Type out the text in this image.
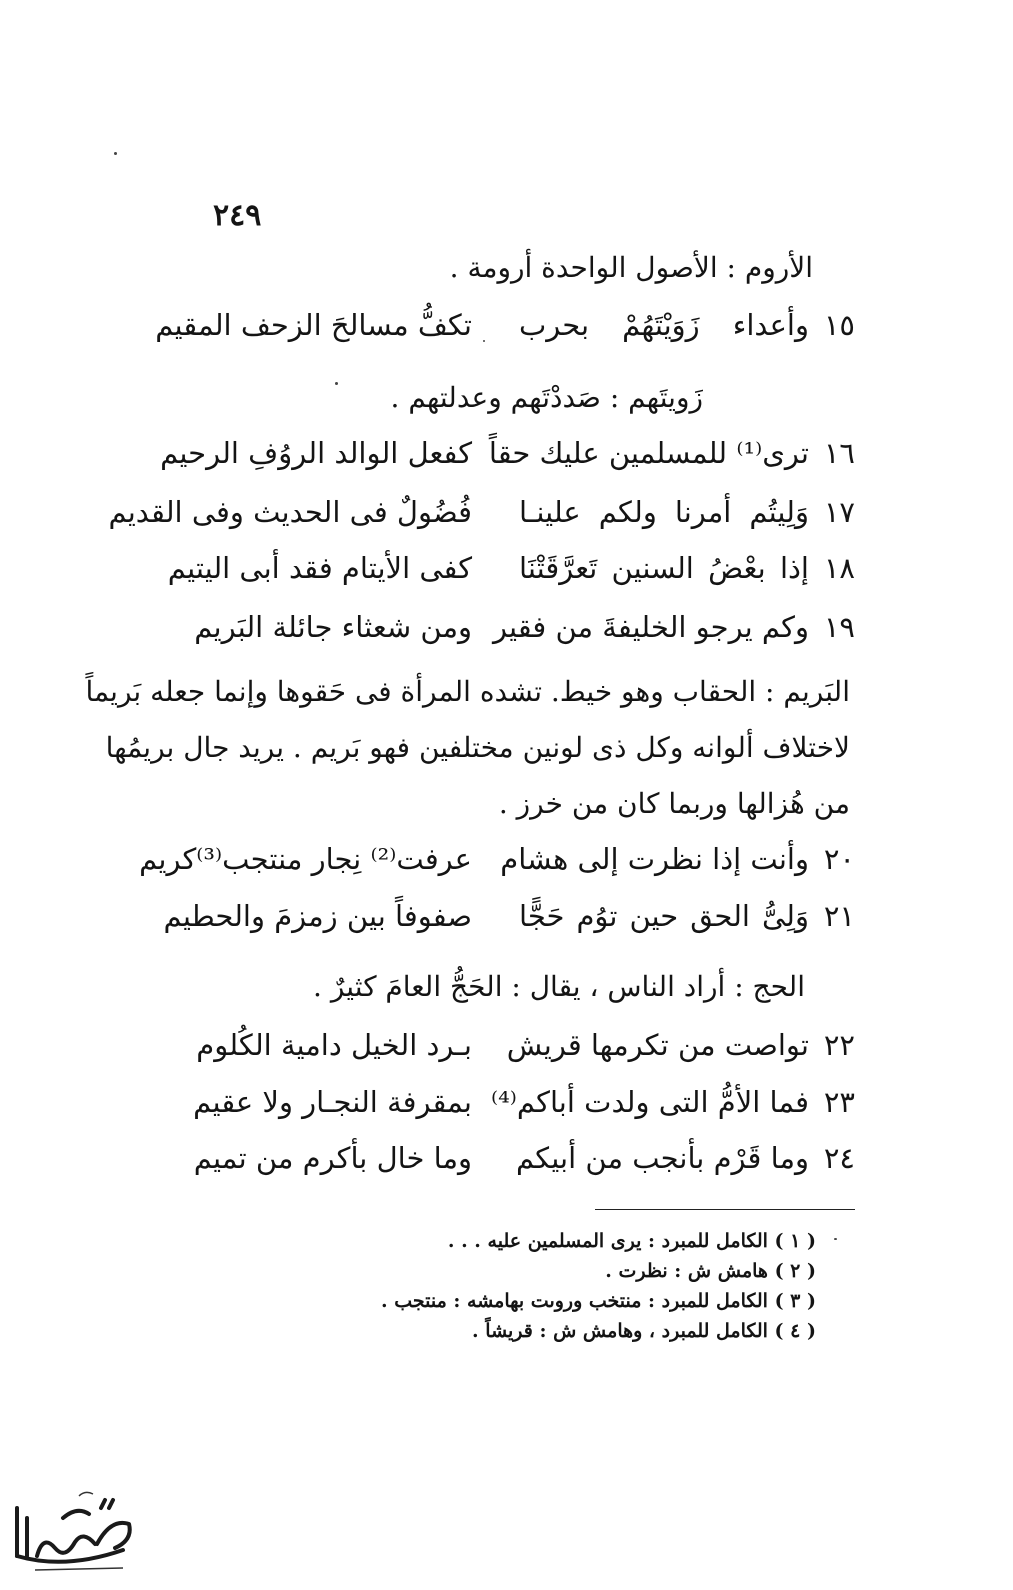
٢٤٩
الأروم : الأصول الواحدة أرومة .
١٥
وأعداء زَوَيْتَهُمْ بحرب
تكفُّ مسالحَ الزحف المقيم
زَويتَهم : صَددْتَهم وعدلتهم .
١٦
ترى⁽¹⁾ للمسلمين عليك حقاً
كفعل الوالد الروُفِ الرحيم
١٧
وَلِيتُم أمرنا ولكم علينـا
فُضُولٌ فى الحديث وفى القديم
١٨
إذا بعْضُ السنين تَعرَّقَتْنَا
كفى الأيتام فقد أبى اليتيم
١٩
وكم يرجو الخليفةَ من فقير
ومن شعثاء جائلة البَريم
البَريم : الحقاب وهو خيط. تشده المرأة فى حَقوها وإنما جعله بَريماً
لاختلاف ألوانه وكل ذى لونين مختلفين فهو بَريم . يريد جال بريمُها
من هُزالها وربما كان من خرز .
٢٠
وأنت إذا نظرت إلى هشام
عرفت⁽²⁾ نِجار منتجب⁽³⁾كريم
٢١
وَلِىُّ الحق حين توُم حَجًّا
صفوفاً بين زمزمَ والحطيم
الحج : أراد الناس ، يقال : الحَجُّ العامَ كثيرٌ .
٢٢
تواصت من تكرمها قريش
بـرد الخيل دامية الكُلوم
٢٣
فما الأمُّ التى ولدت أباكم⁽⁴⁾
بمقرفة النجـار ولا عقيم
٢٤
وما قَرْم بأنجب من أبيكم
وما خال بأكرم من تميم
( ١ ) الكامل للمبرد : يرى المسلمين عليه . . .
( ٢ ) هامش ش : نظرت .
( ٣ ) الكامل للمبرد : منتخب وروىت بهامشه : منتجب .
( ٤ ) الكامل للمبرد ، وهامش ش : قريشاً .
